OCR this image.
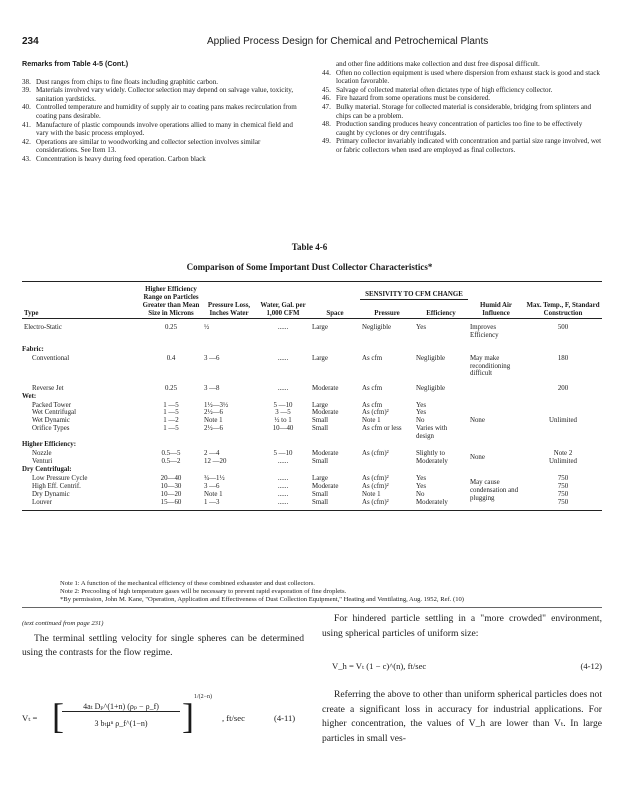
234	Applied Process Design for Chemical and Petrochemical Plants
Remarks from Table 4-5 (Cont.)
38. Dust ranges from chips to fine floats including graphitic carbon.
39. Materials involved vary widely. Collector selection may depend on salvage value, toxicity, sanitation yardsticks.
40. Controlled temperature and humidity of supply air to coating pans makes recirculation from coating pans desirable.
41. Manufacture of plastic compounds involve operations allied to many in chemical field and vary with the basic process employed.
42. Operations are similar to woodworking and collector selection involves similar considerations. See Item 13.
43. Concentration is heavy during feed operation. Carbon black
and other fine additions make collection and dust free disposal difficult.
44. Often no collection equipment is used where dispersion from exhaust stack is good and stack location favorable.
45. Salvage of collected material often dictates type of high efficiency collector.
46. Fire hazard from some operations must be considered.
47. Bulky material. Storage for collected material is considerable, bridging from splinters and chips can be a problem.
48. Production sanding produces heavy concentration of particles too fine to be effectively caught by cyclones or dry centrifugals.
49. Primary collector invariably indicated with concentration and partial size range involved, wet or fabric collectors when used are employed as final collectors.
Table 4-6
Comparison of Some Important Dust Collector Characteristics*
Type	Higher Efficiency Range on Particles Greater than Mean Size in Microns	Pressure Loss, Inches Water	Water, Gal. per 1,000 CFM	Space	SENSIVITY TO CFM CHANGE		Humid Air Influence	Max. Temp., F, Standard Construction
					Pressure	Efficiency		

Electro-Static	0.25	½	......	Large	Negligible	Yes	Improves Efficiency	500
Fabric:								
Conventional	0.4	3 —6	......	Large	As cfm	Negligible	May make reconditioning difficult	180
Reverse Jet	0.25	3 —8	......	Moderate	As cfm	Negligible		200
Wet:								
Packed Tower	1 —5	1½—3½	5 —10	Large	As cfm	Yes	None	Unlimited
Wet Centrifugal	1 —5	2½—6	3 —5	Moderate	As (cfm)²	Yes		
Wet Dynamic	1 —2	Note 1	½ to 1	Small	Note 1	No		
Orifice Types	1 —5	2½—6	10—40	Small	As cfm or less	Varies with design		
Higher Efficiency:								
Nozzle	0.5—5	2 —4	5 —10	Moderate	As (cfm)²	Slightly to	None	Note 2
Venturi	0.5—2	12 —20	......	Small		Moderately		Unlimited
Dry Centrifugal:								
Low Pressure Cycle	20—40	¾—1½	......	Large	As (cfm)²	Yes	May cause condensation and plugging	750
High Eff. Centrif.	10—30	3 —6	......	Moderate	As (cfm)²	Yes		750
Dry Dynamic	10—20	Note 1	......	Small	Note 1	No		750
Louver	15—60	1 —3	......	Small	As (cfm)²	Moderately		750

Note 1: A function of the mechanical efficiency of these combined exhauster and dust collectors.
Note 2: Precooling of high temperature gases will be necessary to prevent rapid evaporation of fine droplets.
*By permission, John M. Kane, "Operation, Application and Effectiveness of Dust Collection Equipment," Heating and Ventilating, Aug. 1952, Ref. (10)
(text continued from page 231)
The terminal settling velocity for single spheres can be determined using the contrasts for the flow regime.
Vₜ = [	4aₜ Dₚ^(1+n) (ρₚ − ρ_f)
3 bₜμⁿ ρ_f^(1−n) ] 1/(2−n)
, ft/sec	(4-11)
For hindered particle settling in a "more crowded" environment, using spherical particles of uniform size:
V_h = Vₜ (1 − c)^(n), ft/sec	(4-12)
Referring the above to other than uniform spherical particles does not create a significant loss in accuracy for industrial applications. For higher concentration, the values of V_h are lower than Vₜ. In large particles in small ves-
